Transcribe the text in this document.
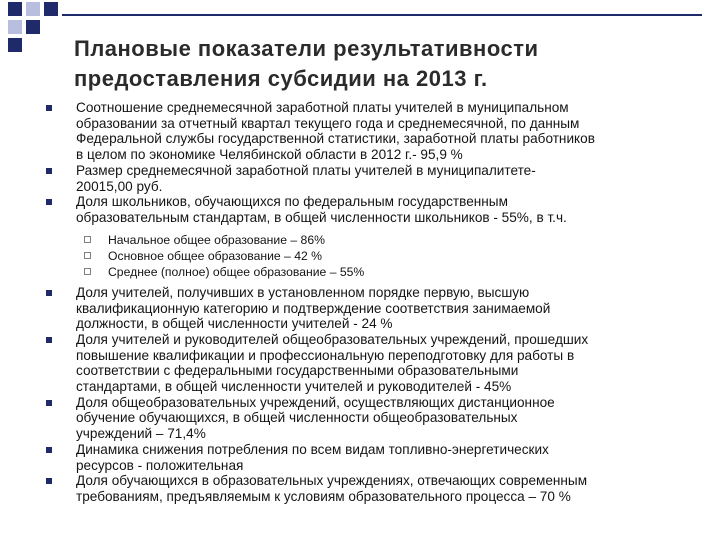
Плановые показатели результативности
предоставления субсидии на 2013 г.
Соотношение среднемесячной заработной платы учителей в муниципальном
образовании за отчетный квартал текущего года и среднемесячной, по данным
Федеральной службы государственной статистики, заработной платы работников
в целом по экономике Челябинской области в 2012 г.- 95,9 %
Размер среднемесячной заработной платы учителей в муниципалитете-
20015,00 руб.
Доля школьников, обучающихся по федеральным государственным
образовательным стандартам, в общей численности школьников - 55%, в т.ч.
Начальное общее образование – 86%
Основное общее образование – 42 %
Среднее (полное) общее образование – 55%
Доля учителей, получивших в установленном порядке первую, высшую
квалификационную категорию и подтверждение соответствия занимаемой
должности, в общей численности учителей - 24 %
Доля учителей и руководителей общеобразовательных учреждений, прошедших
повышение квалификации и профессиональную переподготовку для работы в
соответствии с федеральными государственными образовательными
стандартами, в общей численности учителей и руководителей - 45%
Доля общеобразовательных учреждений, осуществляющих дистанционное
обучение обучающихся, в общей численности общеобразовательных
учреждений – 71,4%
Динамика снижения потребления по всем видам топливно-энергетических
ресурсов - положительная
Доля обучающихся в образовательных учреждениях, отвечающих современным
требованиям, предъявляемым к условиям образовательного процесса – 70 %
